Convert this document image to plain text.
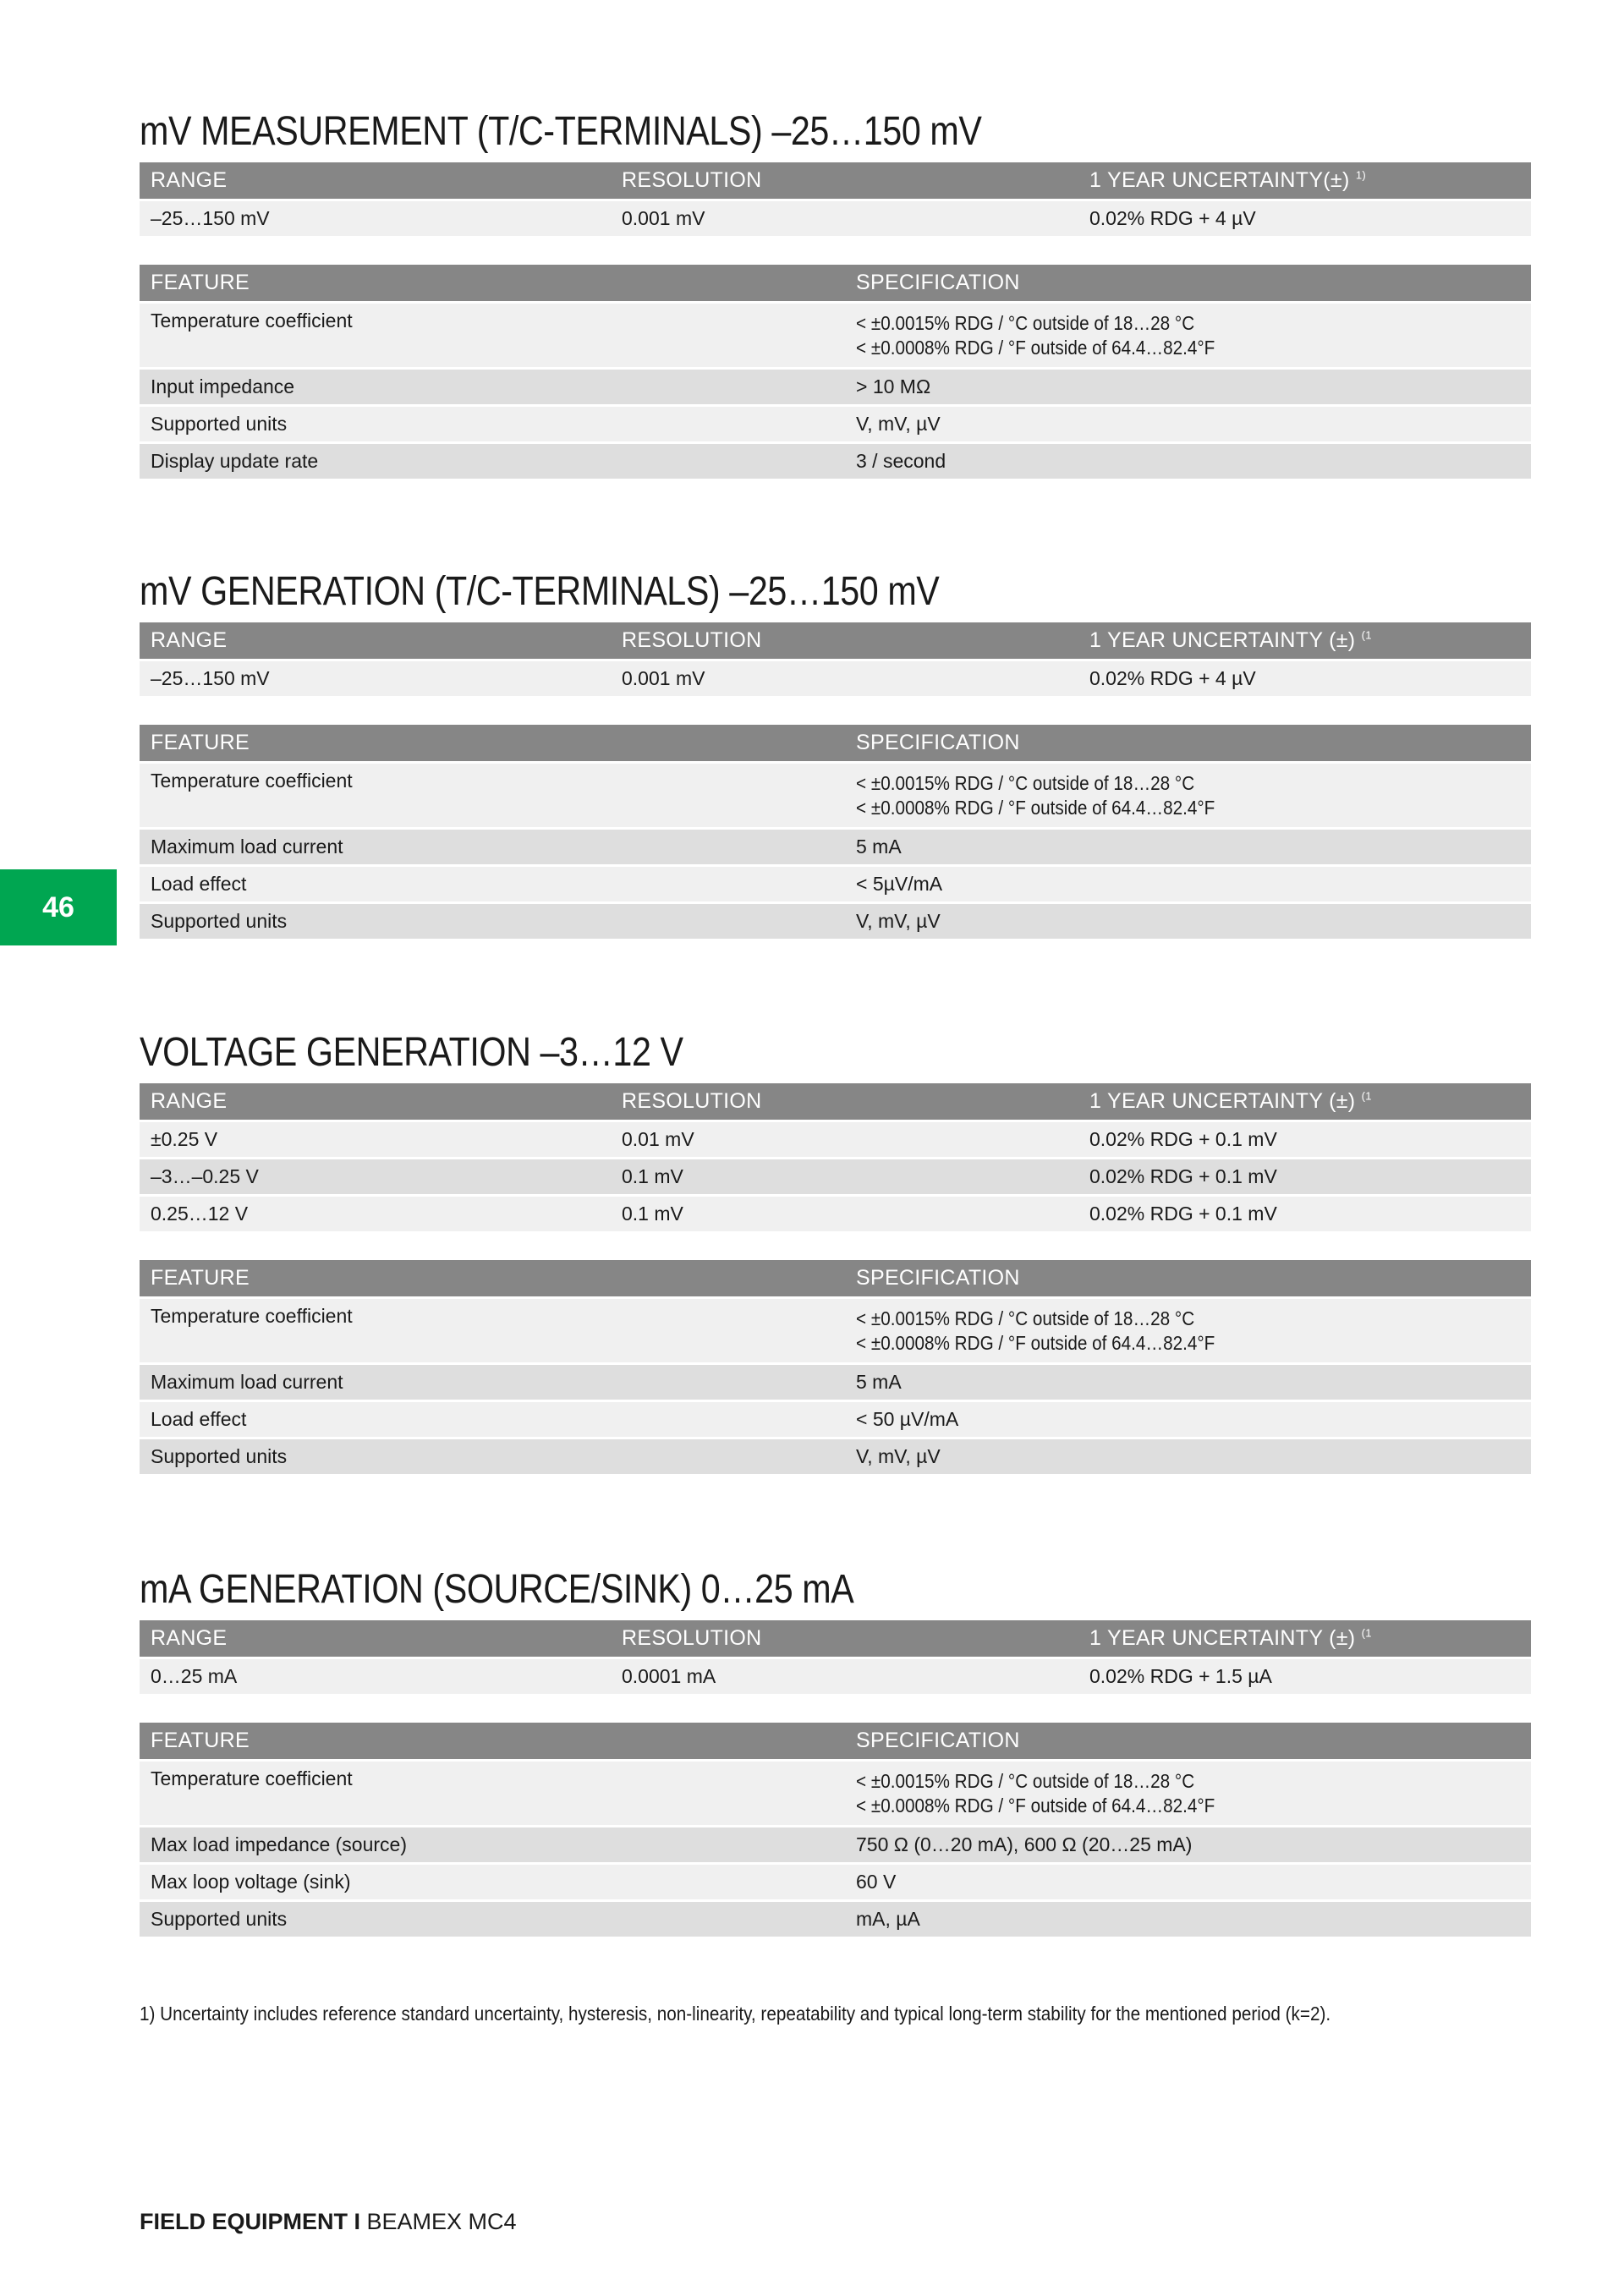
46
mV MEASUREMENT (T/C-TERMINALS) –25…150 mV
RANGE	RESOLUTION	1 YEAR UNCERTAINTY(±) $^{1)}$
–25…150 mV	0.001 mV	0.02% RDG + 4 µV
FEATURE	SPECIFICATION
Temperature coefficient	< ±0.0015% RDG / °C outside of 18…28 °C
< ±0.0008% RDG / °F outside of 64.4…82.4°F
Input impedance	> 10 MΩ
Supported units	V, mV, µV
Display update rate	3 / second
mV GENERATION (T/C-TERMINALS) –25…150 mV
RANGE	RESOLUTION	1 YEAR UNCERTAINTY (±) $^{(1}$
–25…150 mV	0.001 mV	0.02% RDG + 4 µV
FEATURE	SPECIFICATION
Temperature coefficient	< ±0.0015% RDG / °C outside of 18…28 °C
< ±0.0008% RDG / °F outside of 64.4…82.4°F
Maximum load current	5 mA
Load effect	< 5µV/mA
Supported units	V, mV, µV
VOLTAGE GENERATION –3…12 V
RANGE	RESOLUTION	1 YEAR UNCERTAINTY (±) $^{(1}$
±0.25 V	0.01 mV	0.02% RDG + 0.1 mV
–3…–0.25 V	0.1 mV	0.02% RDG + 0.1 mV
0.25…12 V	0.1 mV	0.02% RDG + 0.1 mV
FEATURE	SPECIFICATION
Temperature coefficient	< ±0.0015% RDG / °C outside of 18…28 °C
< ±0.0008% RDG / °F outside of 64.4…82.4°F
Maximum load current	5 mA
Load effect	< 50 µV/mA
Supported units	V, mV, µV
mA GENERATION (SOURCE/SINK) 0…25 mA
RANGE	RESOLUTION	1 YEAR UNCERTAINTY (±) $^{(1}$
0…25 mA	0.0001 mA	0.02% RDG + 1.5 µA
FEATURE	SPECIFICATION
Temperature coefficient	< ±0.0015% RDG / °C outside of 18…28 °C
< ±0.0008% RDG / °F outside of 64.4…82.4°F
Max load impedance (source)	750 Ω (0…20 mA), 600 Ω (20…25 mA)
Max loop voltage (sink)	60 V
Supported units	mA, µA
1) Uncertainty includes reference standard uncertainty, hysteresis, non-linearity, repeatability and typical long-term stability for the mentioned period (k=2).
FIELD EQUIPMENT I BEAMEX MC4
